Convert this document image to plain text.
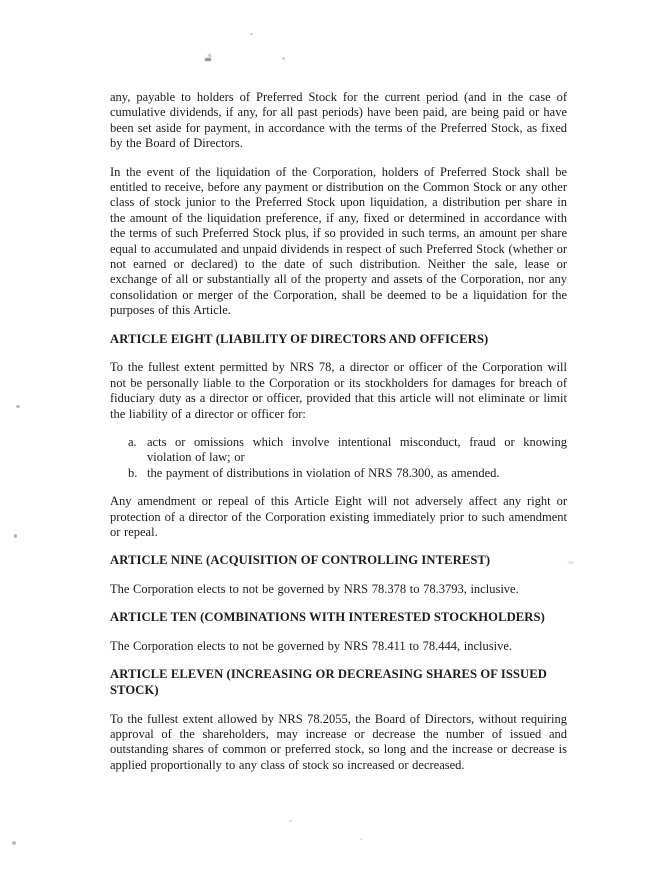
any, payable to holders of Preferred Stock for the current period (and in the case of cumulative dividends, if any, for all past periods) have been paid, are being paid or have been set aside for payment, in accordance with the terms of the Preferred Stock, as fixed by the Board of Directors.

In the event of the liquidation of the Corporation, holders of Preferred Stock shall be entitled to receive, before any payment or distribution on the Common Stock or any other class of stock junior to the Preferred Stock upon liquidation, a distribution per share in the amount of the liquidation preference, if any, fixed or determined in accordance with the terms of such Preferred Stock plus, if so provided in such terms, an amount per share equal to accumulated and unpaid dividends in respect of such Preferred Stock (whether or not earned or declared) to the date of such distribution. Neither the sale, lease or exchange of all or substantially all of the property and assets of the Corporation, nor any consolidation or merger of the Corporation, shall be deemed to be a liquidation for the purposes of this Article.

ARTICLE EIGHT (LIABILITY OF DIRECTORS AND OFFICERS)

To the fullest extent permitted by NRS 78, a director or officer of the Corporation will not be personally liable to the Corporation or its stockholders for damages for breach of fiduciary duty as a director or officer, provided that this article will not eliminate or limit the liability of a director or officer for:

a. acts or omissions which involve intentional misconduct, fraud or knowing violation of law; or
b. the payment of distributions in violation of NRS 78.300, as amended.

Any amendment or repeal of this Article Eight will not adversely affect any right or protection of a director of the Corporation existing immediately prior to such amendment or repeal.

ARTICLE NINE (ACQUISITION OF CONTROLLING INTEREST)

The Corporation elects to not be governed by NRS 78.378 to 78.3793, inclusive.

ARTICLE TEN (COMBINATIONS WITH INTERESTED STOCKHOLDERS)

The Corporation elects to not be governed by NRS 78.411 to 78.444, inclusive.

ARTICLE ELEVEN (INCREASING OR DECREASING SHARES OF ISSUED
STOCK)

To the fullest extent allowed by NRS 78.2055, the Board of Directors, without requiring approval of the shareholders, may increase or decrease the number of issued and outstanding shares of common or preferred stock, so long and the increase or decrease is applied proportionally to any class of stock so increased or decreased.
